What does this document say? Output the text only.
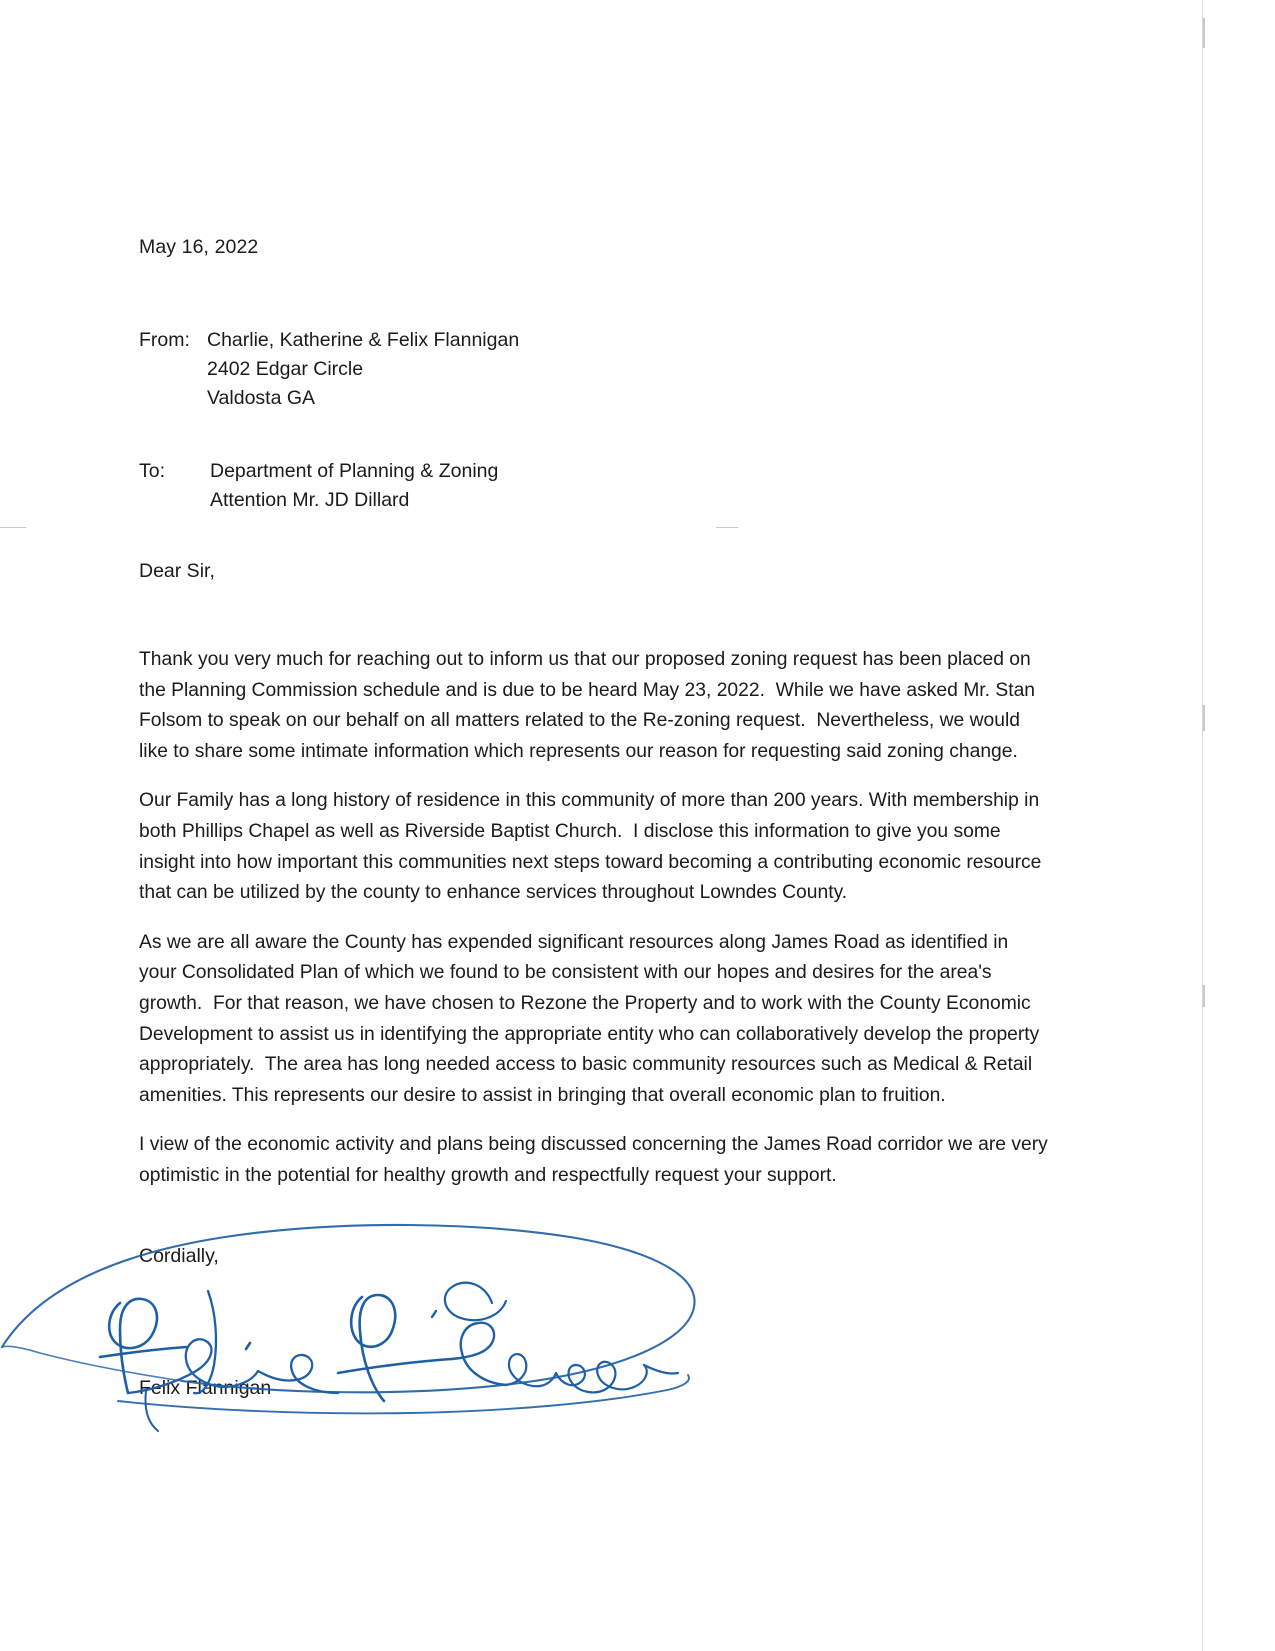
May 16, 2022
From: Charlie, Katherine & Felix Flannigan
2402 Edgar Circle
Valdosta GA
To:	Department of Planning & Zoning
Attention Mr. JD Dillard
Dear Sir,

Thank you very much for reaching out to inform us that our proposed zoning request has been placed on the Planning Commission schedule and is due to be heard May 23, 2022.  While we have asked Mr. Stan Folsom to speak on our behalf on all matters related to the Re-zoning request.  Nevertheless, we would like to share some intimate information which represents our reason for requesting said zoning change.

Our Family has a long history of residence in this community of more than 200 years. With membership in both Phillips Chapel as well as Riverside Baptist Church.  I disclose this information to give you some insight into how important this communities next steps toward becoming a contributing economic resource that can be utilized by the county to enhance services throughout Lowndes County.

As we are all aware the County has expended significant resources along James Road as identified in your Consolidated Plan of which we found to be consistent with our hopes and desires for the area's growth.  For that reason, we have chosen to Rezone the Property and to work with the County Economic Development to assist us in identifying the appropriate entity who can collaboratively develop the property appropriately.  The area has long needed access to basic community resources such as Medical & Retail amenities. This represents our desire to assist in bringing that overall economic plan to fruition.

I view of the economic activity and plans being discussed concerning the James Road corridor we are very optimistic in the potential for healthy growth and respectfully request your support.

Cordially,
Felix Flannigan
